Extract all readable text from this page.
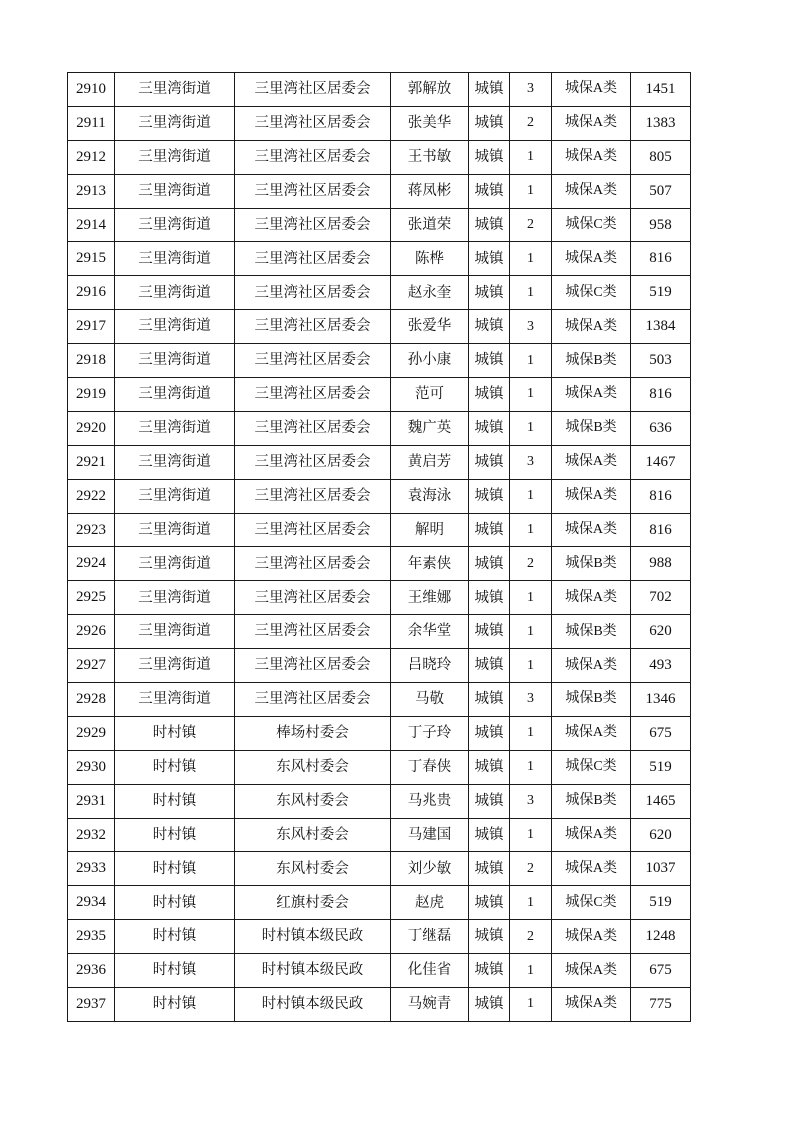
2910	三里湾街道	三里湾社区居委会	郭解放	城镇	3	城保A类	1451
2911	三里湾街道	三里湾社区居委会	张美华	城镇	2	城保A类	1383
2912	三里湾街道	三里湾社区居委会	王书敏	城镇	1	城保A类	805
2913	三里湾街道	三里湾社区居委会	蒋凤彬	城镇	1	城保A类	507
2914	三里湾街道	三里湾社区居委会	张道荣	城镇	2	城保C类	958
2915	三里湾街道	三里湾社区居委会	陈桦	城镇	1	城保A类	816
2916	三里湾街道	三里湾社区居委会	赵永奎	城镇	1	城保C类	519
2917	三里湾街道	三里湾社区居委会	张爱华	城镇	3	城保A类	1384
2918	三里湾街道	三里湾社区居委会	孙小康	城镇	1	城保B类	503
2919	三里湾街道	三里湾社区居委会	范可	城镇	1	城保A类	816
2920	三里湾街道	三里湾社区居委会	魏广英	城镇	1	城保B类	636
2921	三里湾街道	三里湾社区居委会	黄启芳	城镇	3	城保A类	1467
2922	三里湾街道	三里湾社区居委会	袁海泳	城镇	1	城保A类	816
2923	三里湾街道	三里湾社区居委会	解明	城镇	1	城保A类	816
2924	三里湾街道	三里湾社区居委会	年素侠	城镇	2	城保B类	988
2925	三里湾街道	三里湾社区居委会	王维娜	城镇	1	城保A类	702
2926	三里湾街道	三里湾社区居委会	余华堂	城镇	1	城保B类	620
2927	三里湾街道	三里湾社区居委会	吕晓玲	城镇	1	城保A类	493
2928	三里湾街道	三里湾社区居委会	马敬	城镇	3	城保B类	1346
2929	时村镇	棒场村委会	丁子玲	城镇	1	城保A类	675
2930	时村镇	东风村委会	丁春侠	城镇	1	城保C类	519
2931	时村镇	东风村委会	马兆贵	城镇	3	城保B类	1465
2932	时村镇	东风村委会	马建国	城镇	1	城保A类	620
2933	时村镇	东风村委会	刘少敏	城镇	2	城保A类	1037
2934	时村镇	红旗村委会	赵虎	城镇	1	城保C类	519
2935	时村镇	时村镇本级民政	丁继磊	城镇	2	城保A类	1248
2936	时村镇	时村镇本级民政	化佳省	城镇	1	城保A类	675
2937	时村镇	时村镇本级民政	马婉青	城镇	1	城保A类	775
